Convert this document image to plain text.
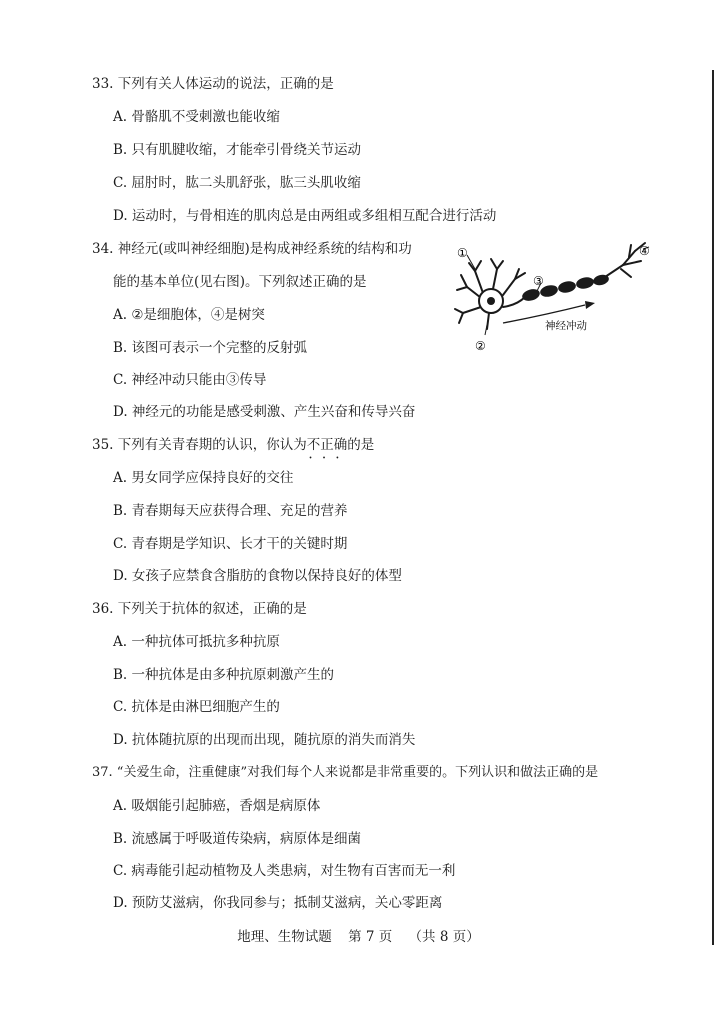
33. 下列有关人体运动的说法，正确的是
A. 骨骼肌不受刺激也能收缩
B. 只有肌腱收缩，才能牵引骨绕关节运动
C. 屈肘时，肱二头肌舒张，肱三头肌收缩
D. 运动时，与骨相连的肌肉总是由两组或多组相互配合进行活动
34. 神经元(或叫神经细胞)是构成神经系统的结构和功
能的基本单位(见右图)。下列叙述正确的是
A. ②是细胞体，④是树突
B. 该图可表示一个完整的反射弧
C. 神经冲动只能由③传导
D. 神经元的功能是感受刺激、产生兴奋和传导兴奋
①
②
③
④
神经冲动
35. 下列有关青春期的认识，你认为不正确 • • •的是
A. 男女同学应保持良好的交往
B. 青春期每天应获得合理、充足的营养
C. 青春期是学知识、长才干的关键时期
D. 女孩子应禁食含脂肪的食物以保持良好的体型
36. 下列关于抗体的叙述，正确的是
A. 一种抗体可抵抗多种抗原
B. 一种抗体是由多种抗原刺激产生的
C. 抗体是由淋巴细胞产生的
D. 抗体随抗原的出现而出现，随抗原的消失而消失
37. “关爱生命，注重健康”对我们每个人来说都是非常重要的。下列认识和做法正确的是
A. 吸烟能引起肺癌，香烟是病原体
B. 流感属于呼吸道传染病，病原体是细菌
C. 病毒能引起动植物及人类患病，对生物有百害而无一利
D. 预防艾滋病，你我同参与；抵制艾滋病，关心零距离
地理、生物试题 第 7 页 （共 8 页）
